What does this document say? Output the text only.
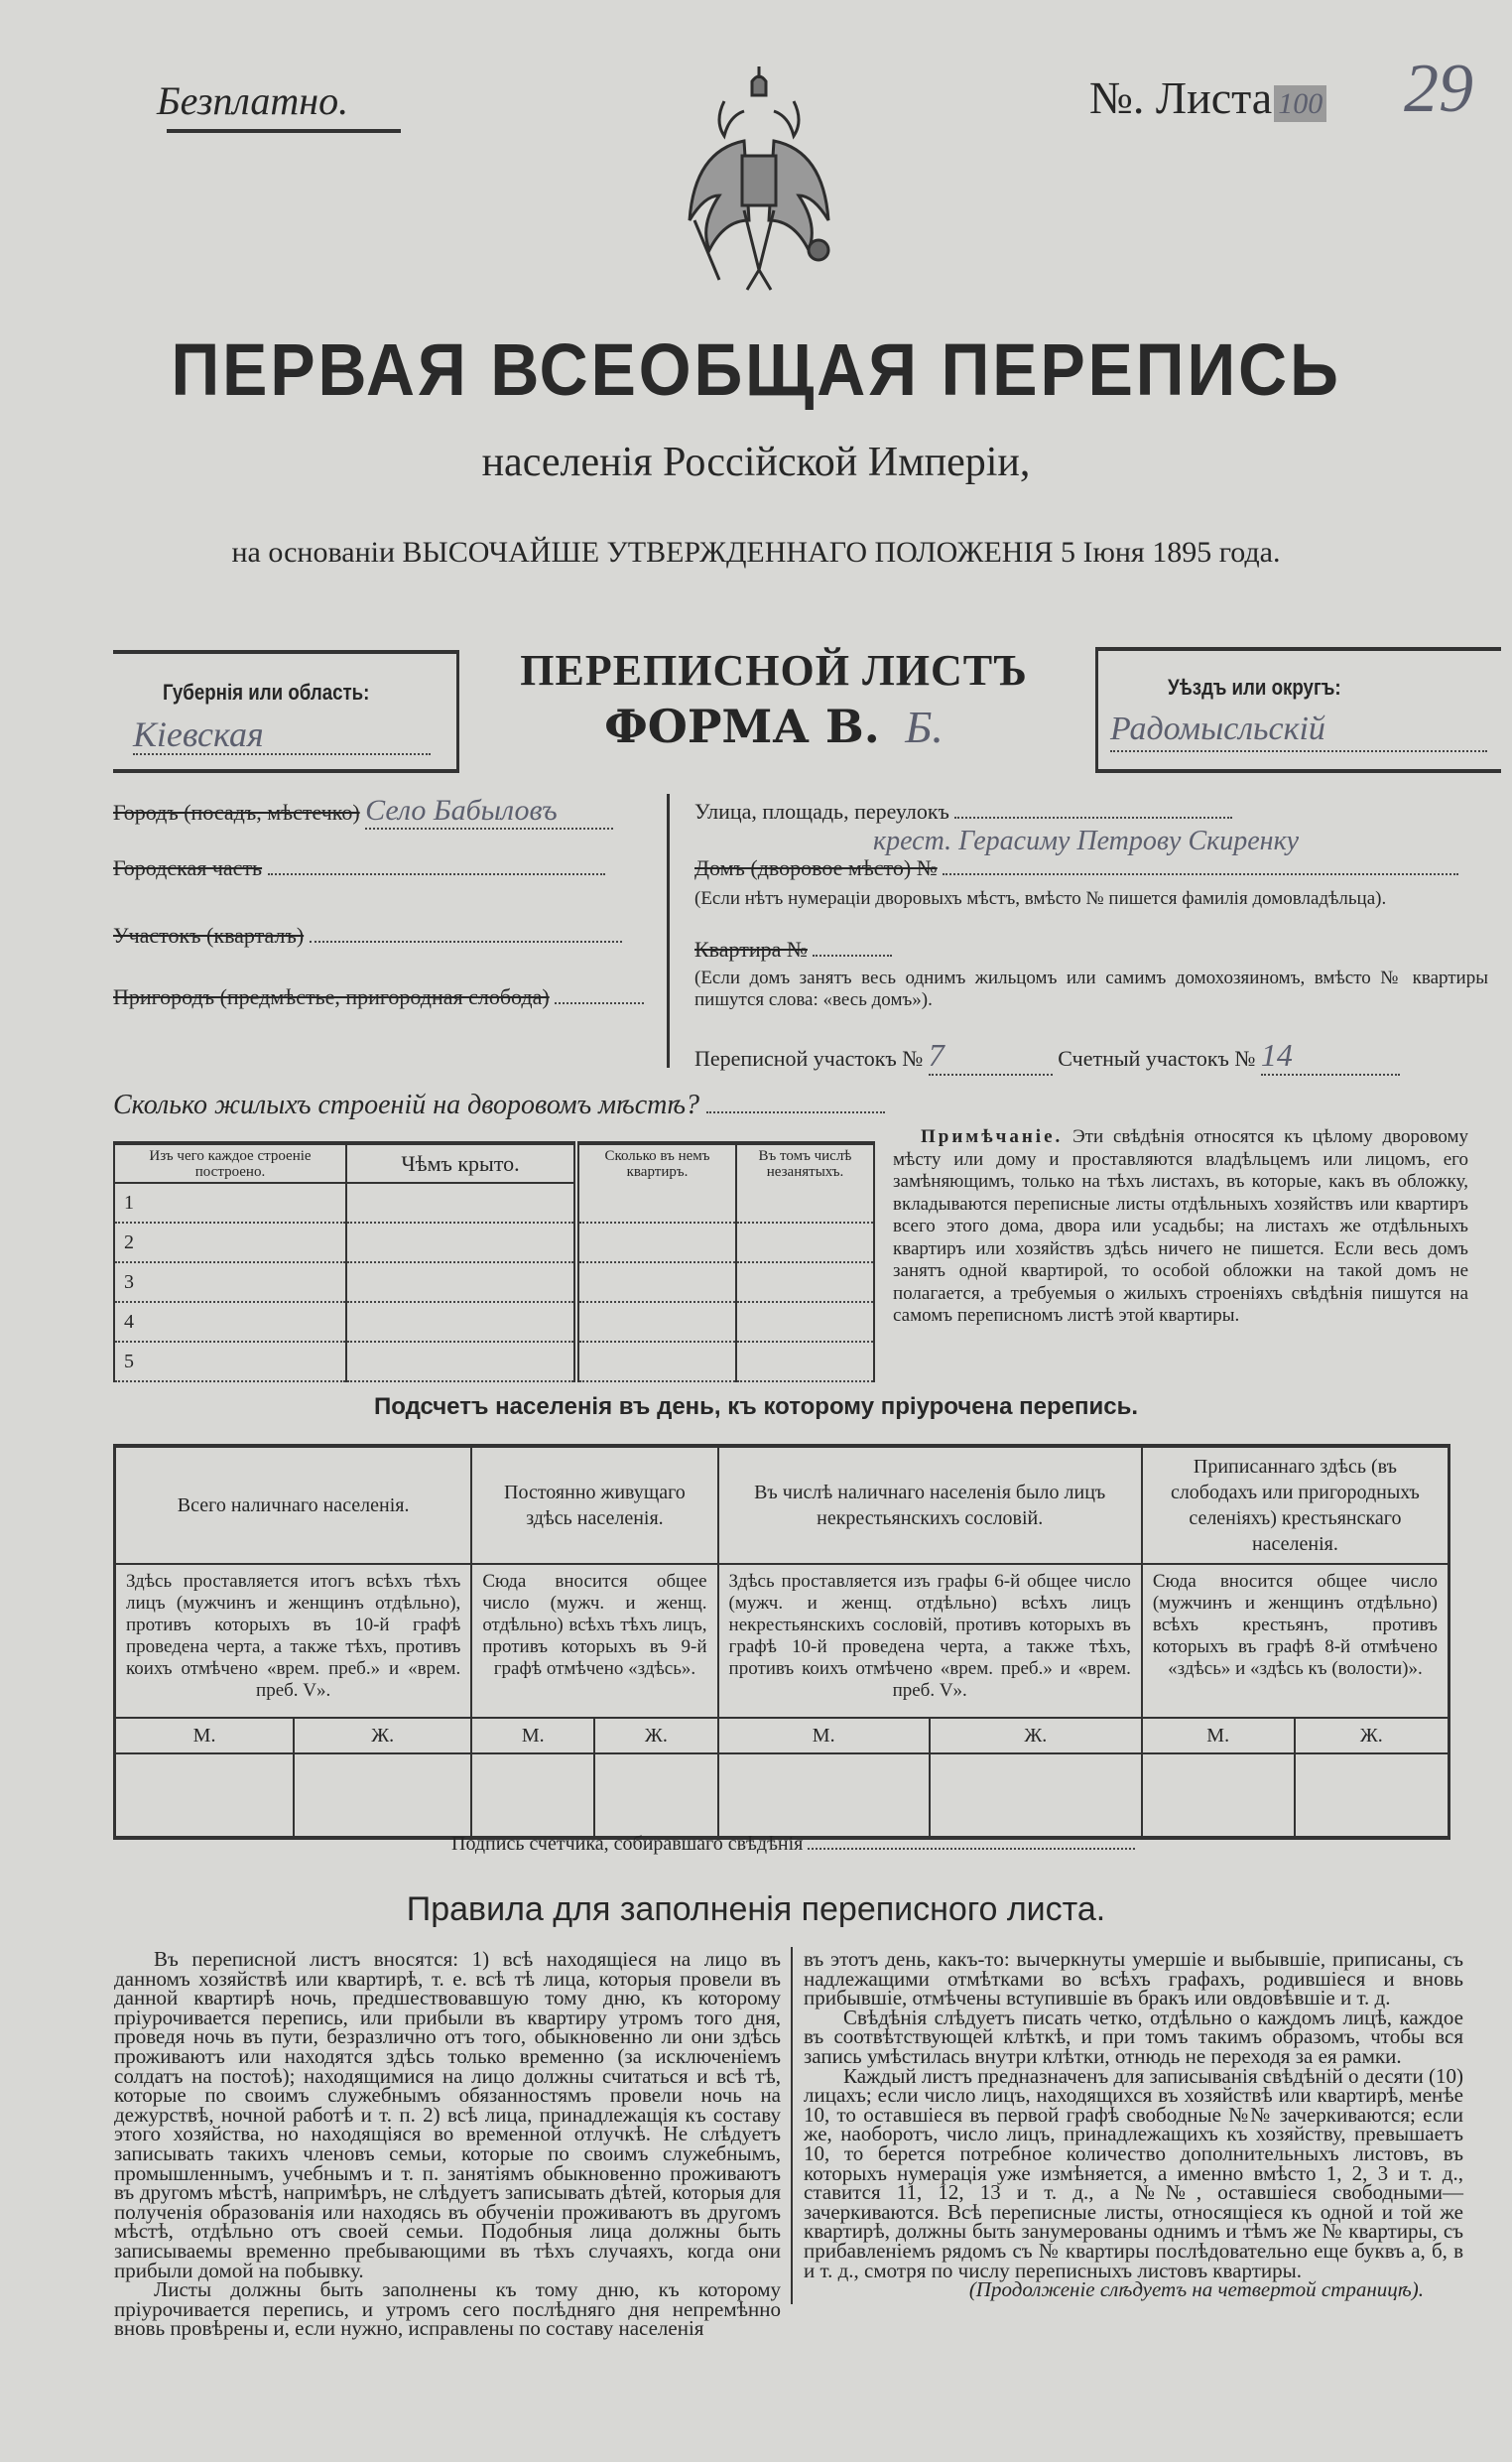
Безплатно.	№. Листа 100 29
ПЕРВАЯ ВСЕОБЩАЯ ПЕРЕПИСЬ
населенія Россійской Имперіи,
на основаніи ВЫСОЧАЙШЕ УТВЕРЖДЕННАГО ПОЛОЖЕНІЯ 5 Іюня 1895 года.
Губернія или область:
Кіевская
ПЕРЕПИСНОЙ ЛИСТЪ
ФОРМА В. Б.
Уѣздъ или округъ:
Радомысльскій
Городъ (посадъ, мѣстечко) Село Бабыловъ
Городская часть
Участокъ (кварталъ)
Пригородъ (предмѣстье, пригородная слобода)
Улица, площадь, переулокъ
крест. Герасиму Петрову Скиренку
Домъ (дворовое мѣсто) №
(Если нѣтъ нумераціи дворовыхъ мѣстъ, вмѣсто № пишется фамилія домовладѣльца).
Квартира №
(Если домъ занятъ весь однимъ жильцомъ или самимъ домохозяиномъ, вмѣсто № квартиры пишутся слова: «весь домъ»).
Переписной участокъ № 7	Счетный участокъ № 14
Сколько жилыхъ строеній на дворовомъ мѣстѣ?
Изъ чего каждое строеніе построено.	Чѣмъ крыто.	Сколько въ немъ квартиръ.	Въ томъ числѣ незанятыхъ.
1			
2			
3			
4			
5			
Примѣчаніе. Эти свѣдѣнія относятся къ цѣлому дворовому мѣсту или дому и проставляются владѣльцемъ или лицомъ, его замѣняющимъ, только на тѣхъ листахъ, въ которые, какъ въ обложку, вкладываются переписные листы отдѣльныхъ хозяйствъ или квартиръ всего этого дома, двора или усадьбы; на листахъ же отдѣльныхъ квартиръ или хозяйствъ здѣсь ничего не пишется. Если весь домъ занятъ одной квартирой, то особой обложки на такой домъ не полагается, а требуемыя о жилыхъ строеніяхъ свѣдѣнія пишутся на самомъ переписномъ листѣ этой квартиры.
Подсчетъ населенія въ день, къ которому пріурочена перепись.
Всего наличнаго населенія.		Постоянно живущаго здѣсь населенія.		Въ числѣ наличнаго населенія было лицъ некрестьянскихъ сословій.		Приписаннаго здѣсь (въ слободахъ или пригородныхъ селеніяхъ) крестьянскаго населенія.	
Здѣсь проставляется итогъ всѣхъ тѣхъ лицъ (мужчинъ и женщинъ отдѣльно), противъ которыхъ въ 10-й графѣ проведена черта, а также тѣхъ, противъ коихъ отмѣчено «врем. преб.» и «врем. преб. V».		Сюда вносится общее число (мужч. и женщ. отдѣльно) всѣхъ тѣхъ лицъ, противъ которыхъ въ 9-й графѣ отмѣчено «здѣсь».		Здѣсь проставляется изъ графы 6-й общее число (мужч. и женщ. отдѣльно) всѣхъ лицъ некрестьянскихъ сословій, противъ которыхъ въ графѣ 10-й проведена черта, а также тѣхъ, противъ коихъ отмѣчено «врем. преб.» и «врем. преб. V».		Сюда вносится общее число (мужчинъ и женщинъ отдѣльно) всѣхъ крестьянъ, противъ которыхъ въ графѣ 8-й отмѣчено «здѣсь» и «здѣсь къ (волости)».	
М.	Ж.	М.	Ж.	М.	Ж.	М.	Ж.

Подпись счетчика, собиравшаго свѣдѣнія
Правила для заполненія переписного листа.

Въ переписной листъ вносятся: 1) всѣ находящіеся на лицо въ данномъ хозяйствѣ или квартирѣ, т. е. всѣ тѣ лица, которыя провели въ данной квартирѣ ночь, предшествовавшую тому дню, къ которому пріурочивается перепись, или прибыли въ квартиру утромъ того дня, проведя ночь въ пути, безразлично отъ того, обыкновенно ли они здѣсь проживаютъ или находятся здѣсь только временно (за исключеніемъ солдатъ на постоѣ); находящимися на лицо должны считаться и всѣ тѣ, которые по своимъ служебнымъ обязанностямъ провели ночь на дежурствѣ, ночной работѣ и т. п. 2) всѣ лица, принадлежащія къ составу этого хозяйства, но находящіяся во временной отлучкѣ. Не слѣдуетъ записывать такихъ членовъ семьи, которые по своимъ служебнымъ, промышленнымъ, учебнымъ и т. п. занятіямъ обыкновенно проживаютъ въ другомъ мѣстѣ, напримѣръ, не слѣдуетъ записывать дѣтей, которыя для полученія образованія или находясь въ обученіи проживаютъ въ другомъ мѣстѣ, отдѣльно отъ своей семьи. Подобныя лица должны быть записываемы временно пребывающими въ тѣхъ случаяхъ, когда они прибыли домой на побывку.

Листы должны быть заполнены къ тому дню, къ которому пріурочивается перепись, и утромъ сего послѣдняго дня непремѣнно вновь провѣрены и, если нужно, исправлены по составу населенія

въ этотъ день, какъ-то: вычеркнуты умершіе и выбывшіе, приписаны, съ надлежащими отмѣтками во всѣхъ графахъ, родившіеся и вновь прибывшіе, отмѣчены вступившіе въ бракъ или овдовѣвшіе и т. д.

Свѣдѣнія слѣдуетъ писать четко, отдѣльно о каждомъ лицѣ, каждое въ соотвѣтствующей клѣткѣ, и при томъ такимъ образомъ, чтобы вся запись умѣстилась внутри клѣтки, отнюдь не переходя за ея рамки.

Каждый листъ предназначенъ для записыванія свѣдѣній о десяти (10) лицахъ; если число лицъ, находящихся въ хозяйствѣ или квартирѣ, менѣе 10, то оставшіеся въ первой графѣ свободные №№ зачеркиваются; если же, наоборотъ, число лицъ, принадлежащихъ къ хозяйству, превышаетъ 10, то берется потребное количество дополнительныхъ листовъ, въ которыхъ нумерація уже измѣняется, а именно вмѣсто 1, 2, 3 и т. д., ставится 11, 12, 13 и т. д., а №№, оставшіеся свободными—зачеркиваются. Всѣ переписные листы, относящіеся къ одной и той же квартирѣ, должны быть занумерованы однимъ и тѣмъ же № квартиры, съ прибавленіемъ рядомъ съ № квартиры послѣдовательно еще буквъ а, б, в и т. д., смотря по числу переписныхъ листовъ квартиры.

(Продолженіе слѣдуетъ на четвертой страницѣ).
